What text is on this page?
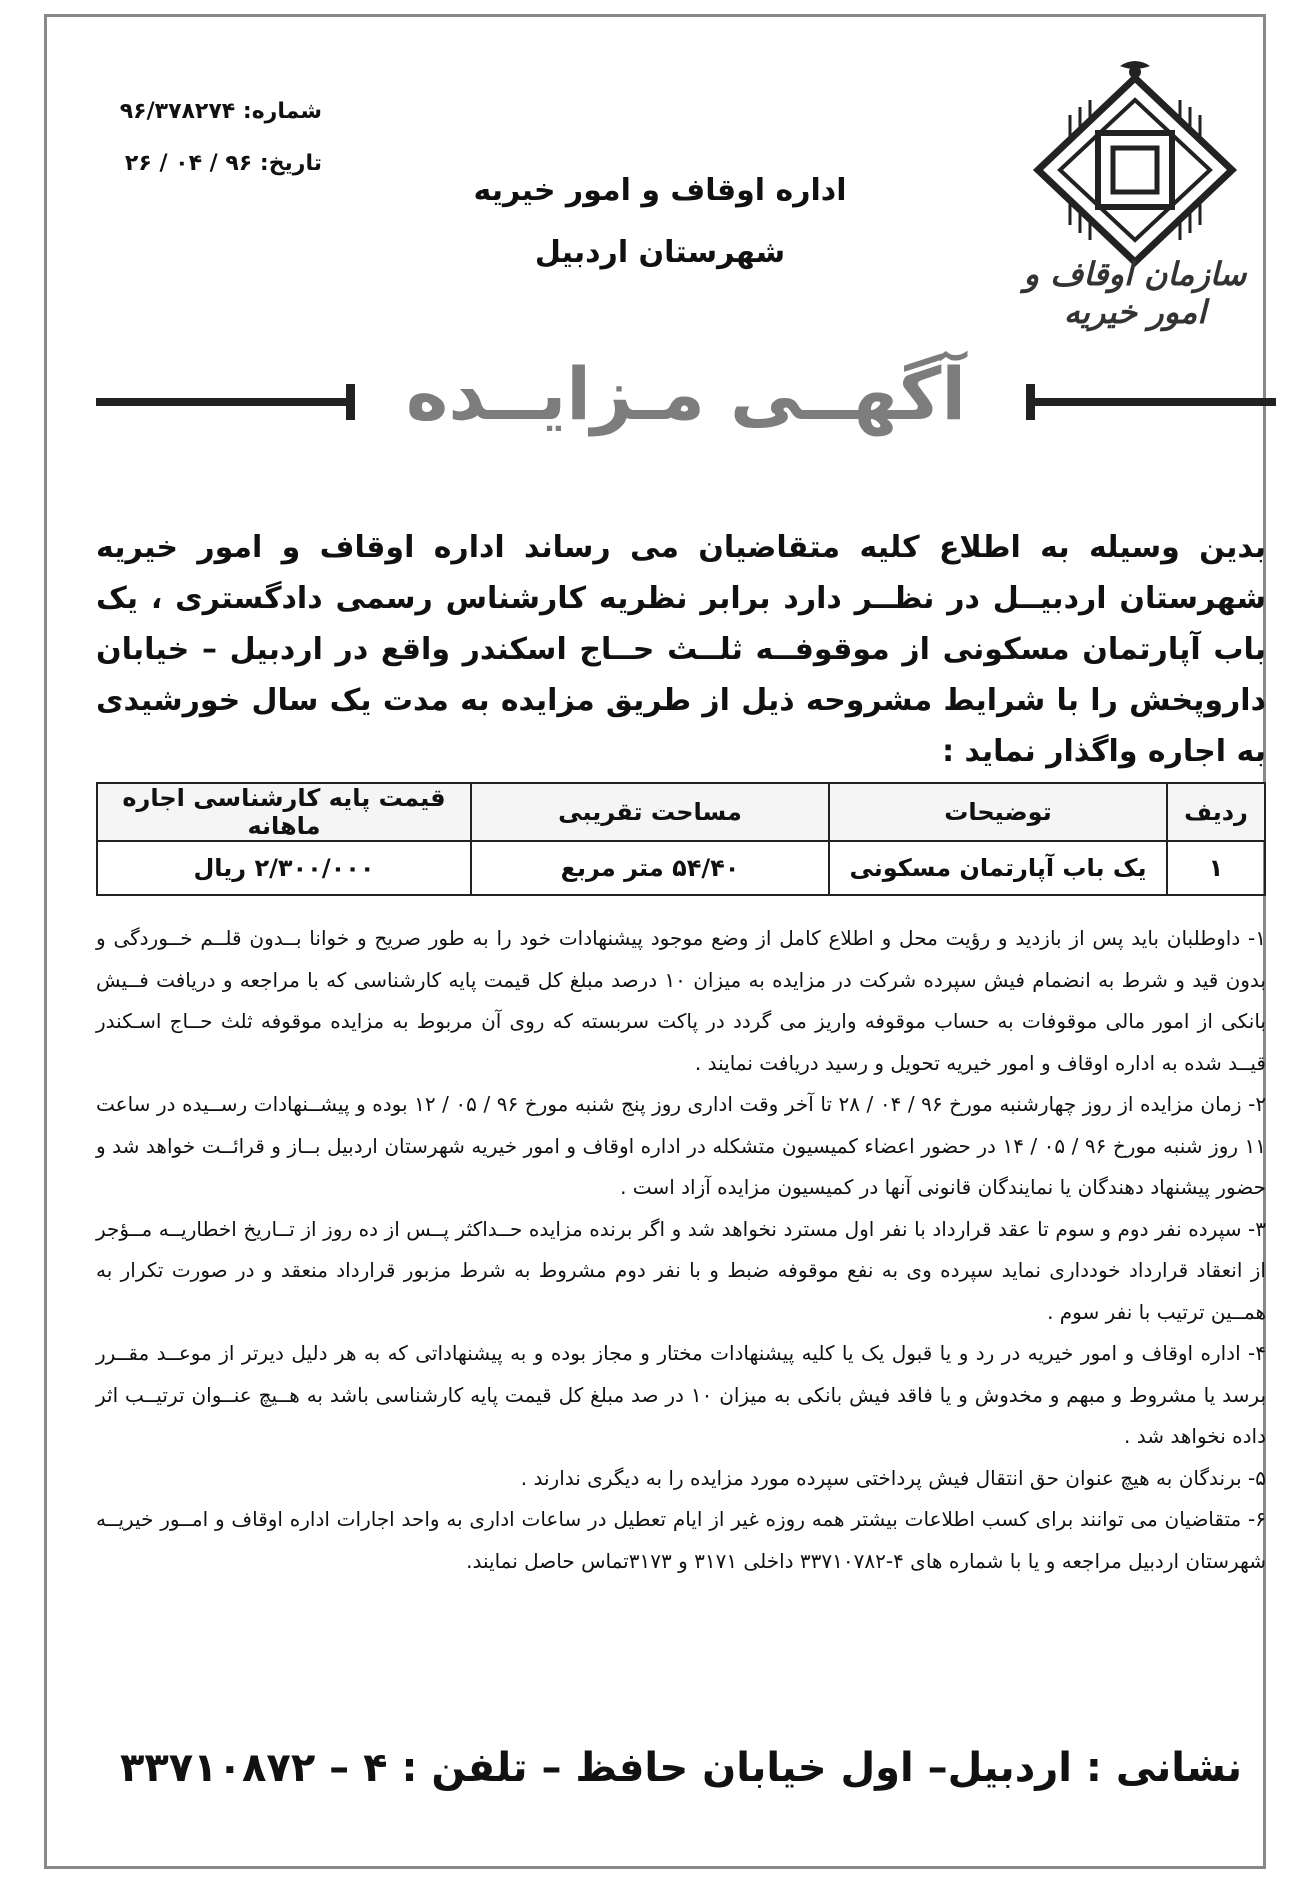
شماره: ۹۶/۳۷۸۲۷۴
تاریخ: ۹۶ / ۰۴ / ۲۶
اداره اوقاف و امور خیریه
شهرستان اردبیل
سازمان اوقاف و امور خیریه
آگهــی مـزایــده
بدین وسیله به اطلاع کلیه متقاضیان می رساند اداره اوقاف و امور خیریه شهرستان اردبیــل در نظــر دارد برابر نظریه کارشناس رسمی دادگستری ، یک باب آپارتمان مسکونی از موقوفــه ثلــث حــاج اسکندر واقع در اردبیل – خیابان داروپخش را با شرایط مشروحه ذیل از طریق مزایده به مدت یک سال خورشیدی به اجاره واگذار نماید :
ردیف	توضیحات	مساحت تقریبی	قیمت پایه کارشناسی اجاره ماهانه
۱	یک باب آپارتمان مسکونی	۵۴/۴۰ متر مربع	۲/۳۰۰/۰۰۰ ریال
۱- داوطلبان باید پس از بازدید و رؤیت محل و اطلاع کامل از وضع موجود پیشنهادات خود را به طور صریح و خوانا بــدون قلــم خــوردگی و بدون قید و شرط به انضمام فیش سپرده شرکت در مزایده به میزان ۱۰ درصد مبلغ کل قیمت پایه کارشناسی که با مراجعه و دریافت فــیش بانکی از امور مالی موقوفات به حساب موقوفه واریز می گردد در پاکت سربسته که روی آن مربوط به مزایده موقوفه ثلث حــاج اسـکندر قیــد شده به اداره اوقاف و امور خیریه تحویل و رسید دریافت نمایند .
۲- زمان مزایده از روز چهارشنبه مورخ ۹۶ / ۰۴ / ۲۸ تا آخر وقت اداری روز پنج شنبه مورخ ۹۶ / ۰۵ / ۱۲ بوده و پیشــنهادات رســیده در ساعت ۱۱ روز شنبه مورخ ۹۶ / ۰۵ / ۱۴ در حضور اعضاء کمیسیون متشکله در اداره اوقاف و امور خیریه شهرستان اردبیل بــاز و قرائــت خواهد شد و حضور پیشنهاد دهندگان یا نمایندگان قانونی آنها در کمیسیون مزایده آزاد است .
۳- سپرده نفر دوم و سوم تا عقد قرارداد با نفر اول مسترد نخواهد شد و اگر برنده مزایده حــداکثر پــس از ده روز از تــاریخ اخطاریــه مــؤجر از انعقاد قرارداد خودداری نماید سپرده وی به نفع موقوفه ضبط و با نفر دوم مشروط به شرط مزبور قرارداد منعقد و در صورت تکرار به همــین ترتیب با نفر سوم .
۴- اداره اوقاف و امور خیریه در رد و یا قبول یک یا کلیه پیشنهادات مختار و مجاز بوده و به پیشنهاداتی که به هر دلیل دیرتر از موعــد مقــرر برسد یا مشروط و مبهم و مخدوش و یا فاقد فیش بانکی به میزان ۱۰ در صد مبلغ کل قیمت پایه کارشناسی باشد به هــیچ عنــوان ترتیــب اثر داده نخواهد شد .
۵- برندگان به هیچ عنوان حق انتقال فیش پرداختی سپرده مورد مزایده را به دیگری ندارند .
۶- متقاضیان می توانند برای کسب اطلاعات بیشتر همه روزه غیر از ایام تعطیل در ساعات اداری به واحد اجارات اداره اوقاف و امــور خیریــه شهرستان اردبیل مراجعه و یا با شماره های ۴-۳۳۷۱۰۷۸۲ داخلی ۳۱۷۱ و ۳۱۷۳تماس حاصل نمایند.
نشانی : اردبیل– اول خیابان حافظ – تلفن : ۴ – ۳۳۷۱۰۸۷۲
